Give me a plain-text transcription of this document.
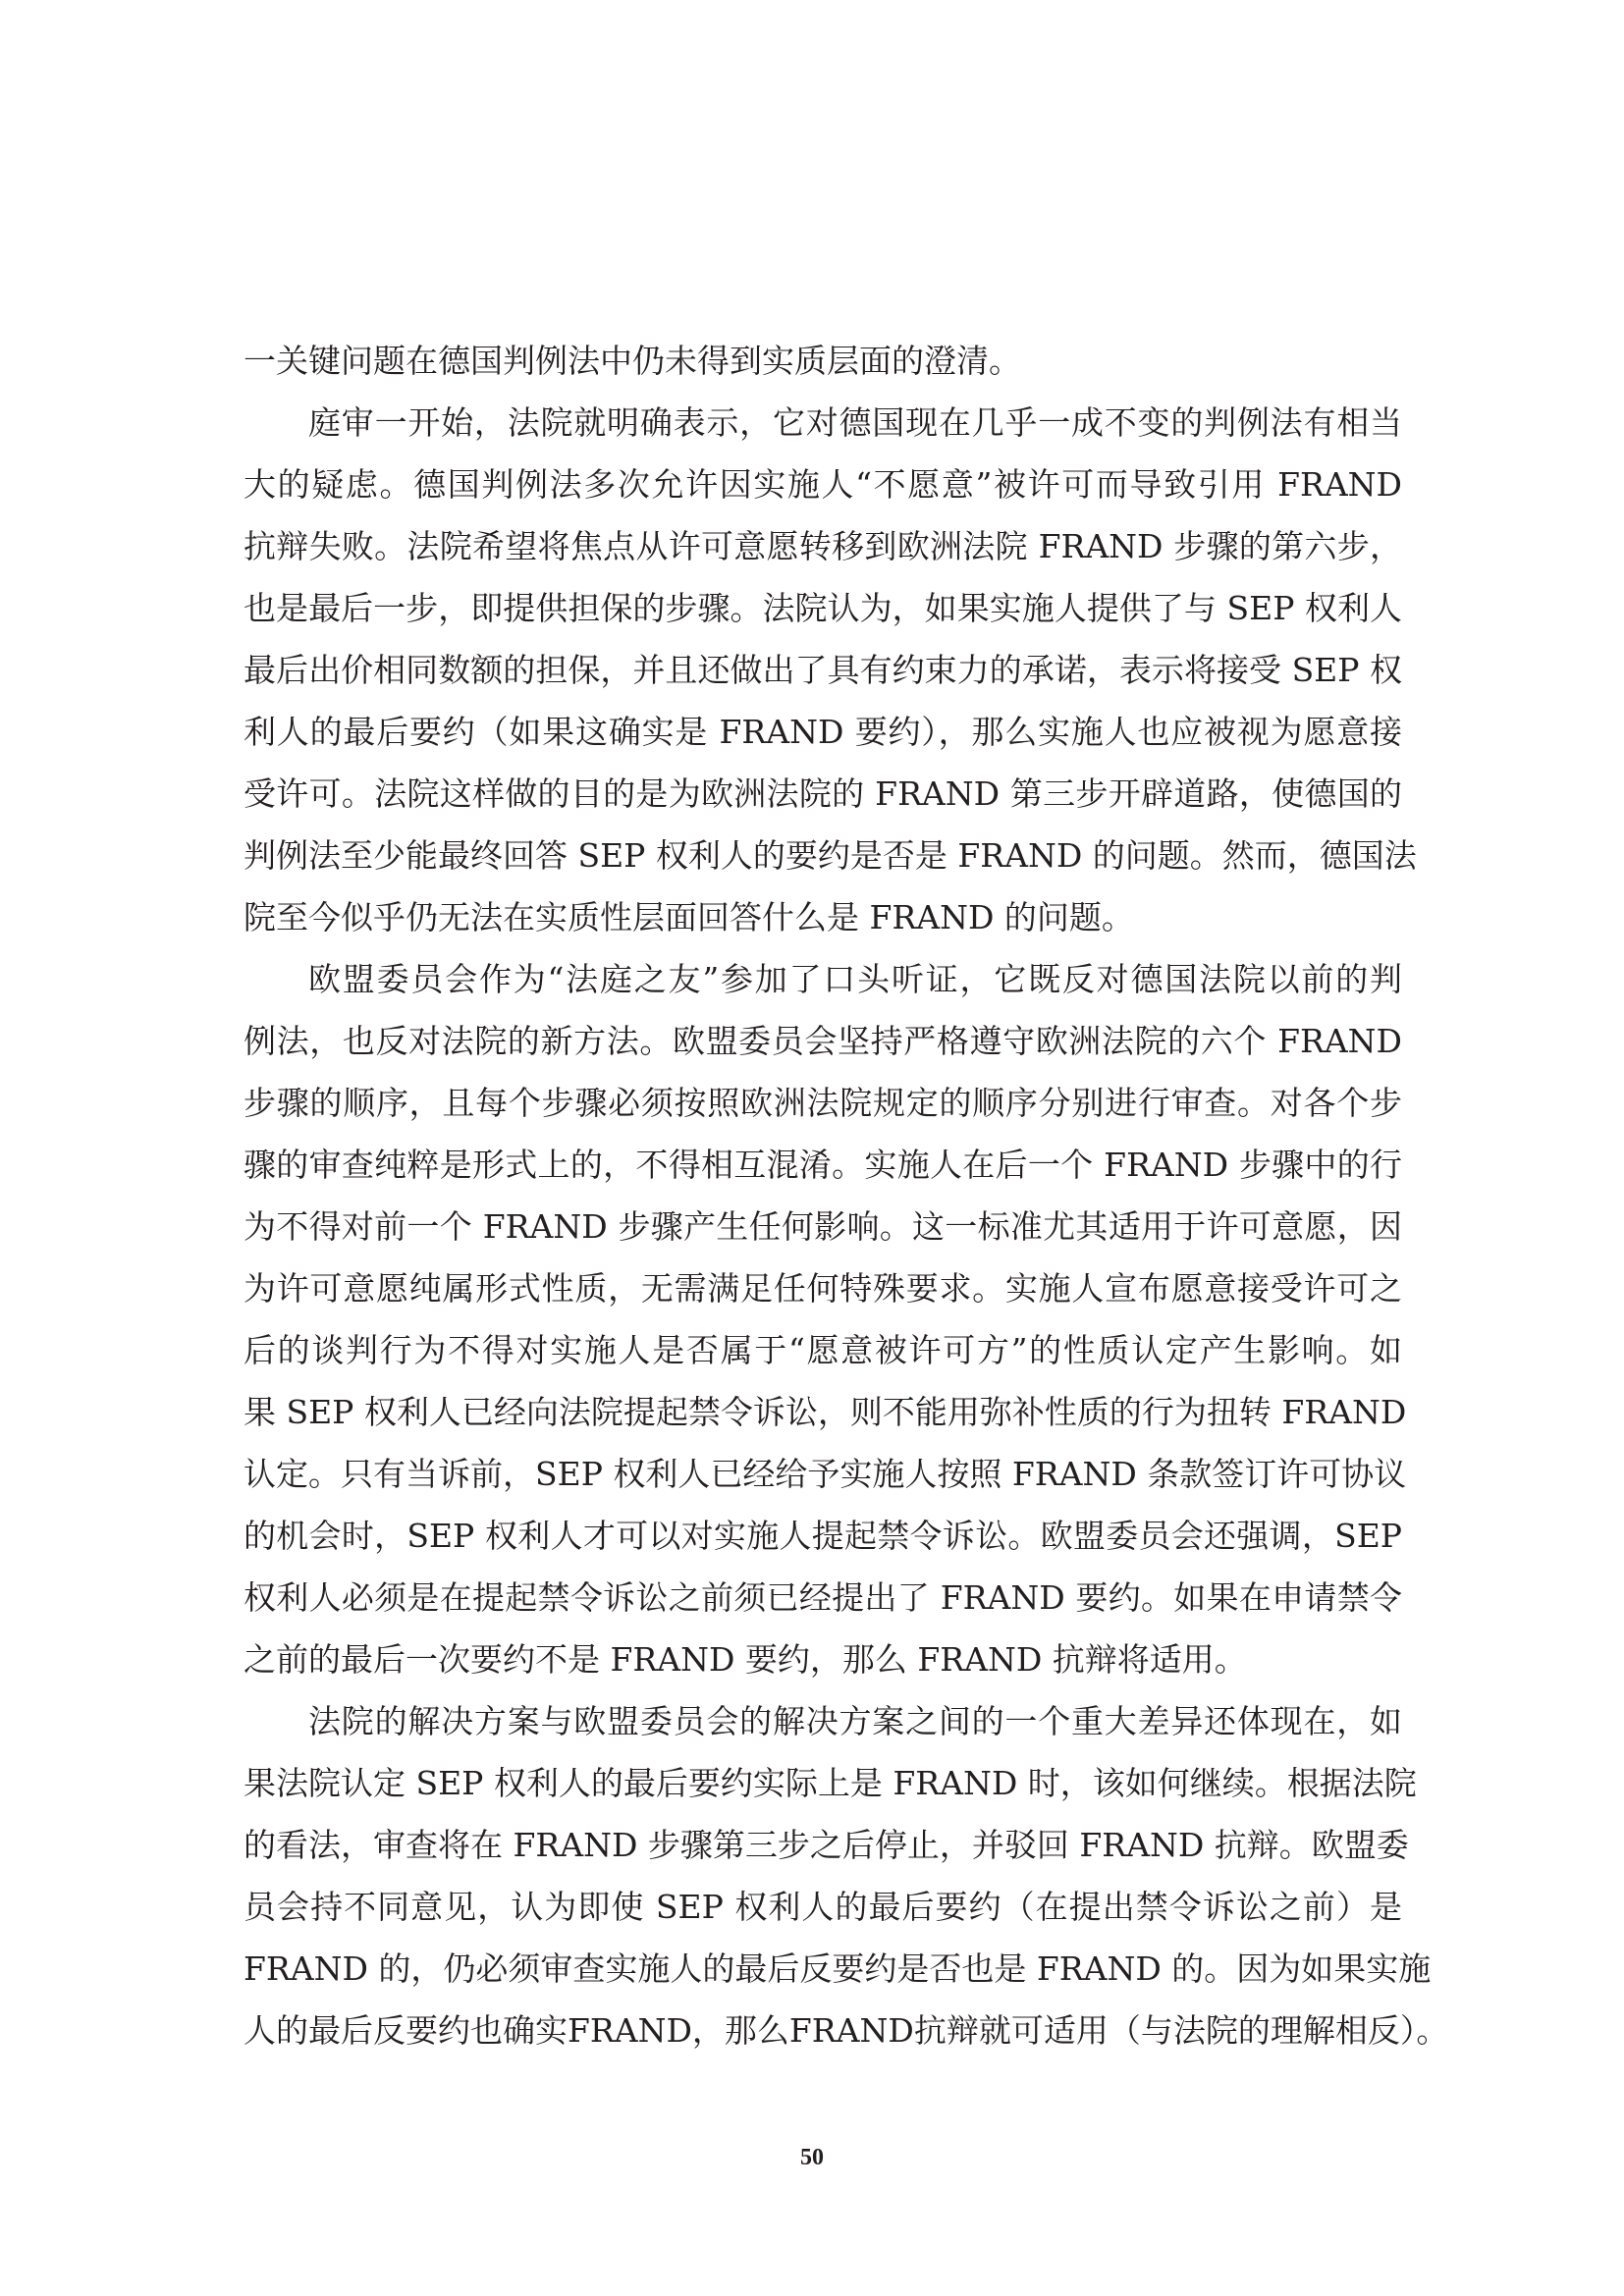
一关键问题在德国判例法中仍未得到实质层面的澄清。
庭审一开始，法院就明确表示，它对德国现在几乎一成不变的判例法有相当
大的疑虑。德国判例法多次允许因实施人“不愿意”被许可而导致引用 FRAND
抗辩失败。法院希望将焦点从许可意愿转移到欧洲法院 FRAND 步骤的第六步，
也是最后一步，即提供担保的步骤。法院认为，如果实施人提供了与 SEP 权利人
最后出价相同数额的担保，并且还做出了具有约束力的承诺，表示将接受 SEP 权
利人的最后要约（如果这确实是 FRAND 要约），那么实施人也应被视为愿意接
受许可。法院这样做的目的是为欧洲法院的 FRAND 第三步开辟道路，使德国的
判例法至少能最终回答 SEP 权利人的要约是否是 FRAND 的问题。然而，德国法
院至今似乎仍无法在实质性层面回答什么是 FRAND 的问题。
欧盟委员会作为“法庭之友”参加了口头听证，它既反对德国法院以前的判
例法，也反对法院的新方法。欧盟委员会坚持严格遵守欧洲法院的六个 FRAND
步骤的顺序，且每个步骤必须按照欧洲法院规定的顺序分别进行审查。对各个步
骤的审查纯粹是形式上的，不得相互混淆。实施人在后一个 FRAND 步骤中的行
为不得对前一个 FRAND 步骤产生任何影响。这一标准尤其适用于许可意愿，因
为许可意愿纯属形式性质，无需满足任何特殊要求。实施人宣布愿意接受许可之
后的谈判行为不得对实施人是否属于“愿意被许可方”的性质认定产生影响。如
果 SEP 权利人已经向法院提起禁令诉讼，则不能用弥补性质的行为扭转 FRAND
认定。只有当诉前，SEP 权利人已经给予实施人按照 FRAND 条款签订许可协议
的机会时，SEP 权利人才可以对实施人提起禁令诉讼。欧盟委员会还强调，SEP
权利人必须是在提起禁令诉讼之前须已经提出了 FRAND 要约。如果在申请禁令
之前的最后一次要约不是 FRAND 要约，那么 FRAND 抗辩将适用。
法院的解决方案与欧盟委员会的解决方案之间的一个重大差异还体现在，如
果法院认定 SEP 权利人的最后要约实际上是 FRAND 时，该如何继续。根据法院
的看法，审查将在 FRAND 步骤第三步之后停止，并驳回 FRAND 抗辩。欧盟委
员会持不同意见，认为即使 SEP 权利人的最后要约（在提出禁令诉讼之前）是
FRAND 的，仍必须审查实施人的最后反要约是否也是 FRAND 的。因为如果实施
人的最后反要约也确实FRAND，那么FRAND抗辩就可适用（与法院的理解相反）。
50
